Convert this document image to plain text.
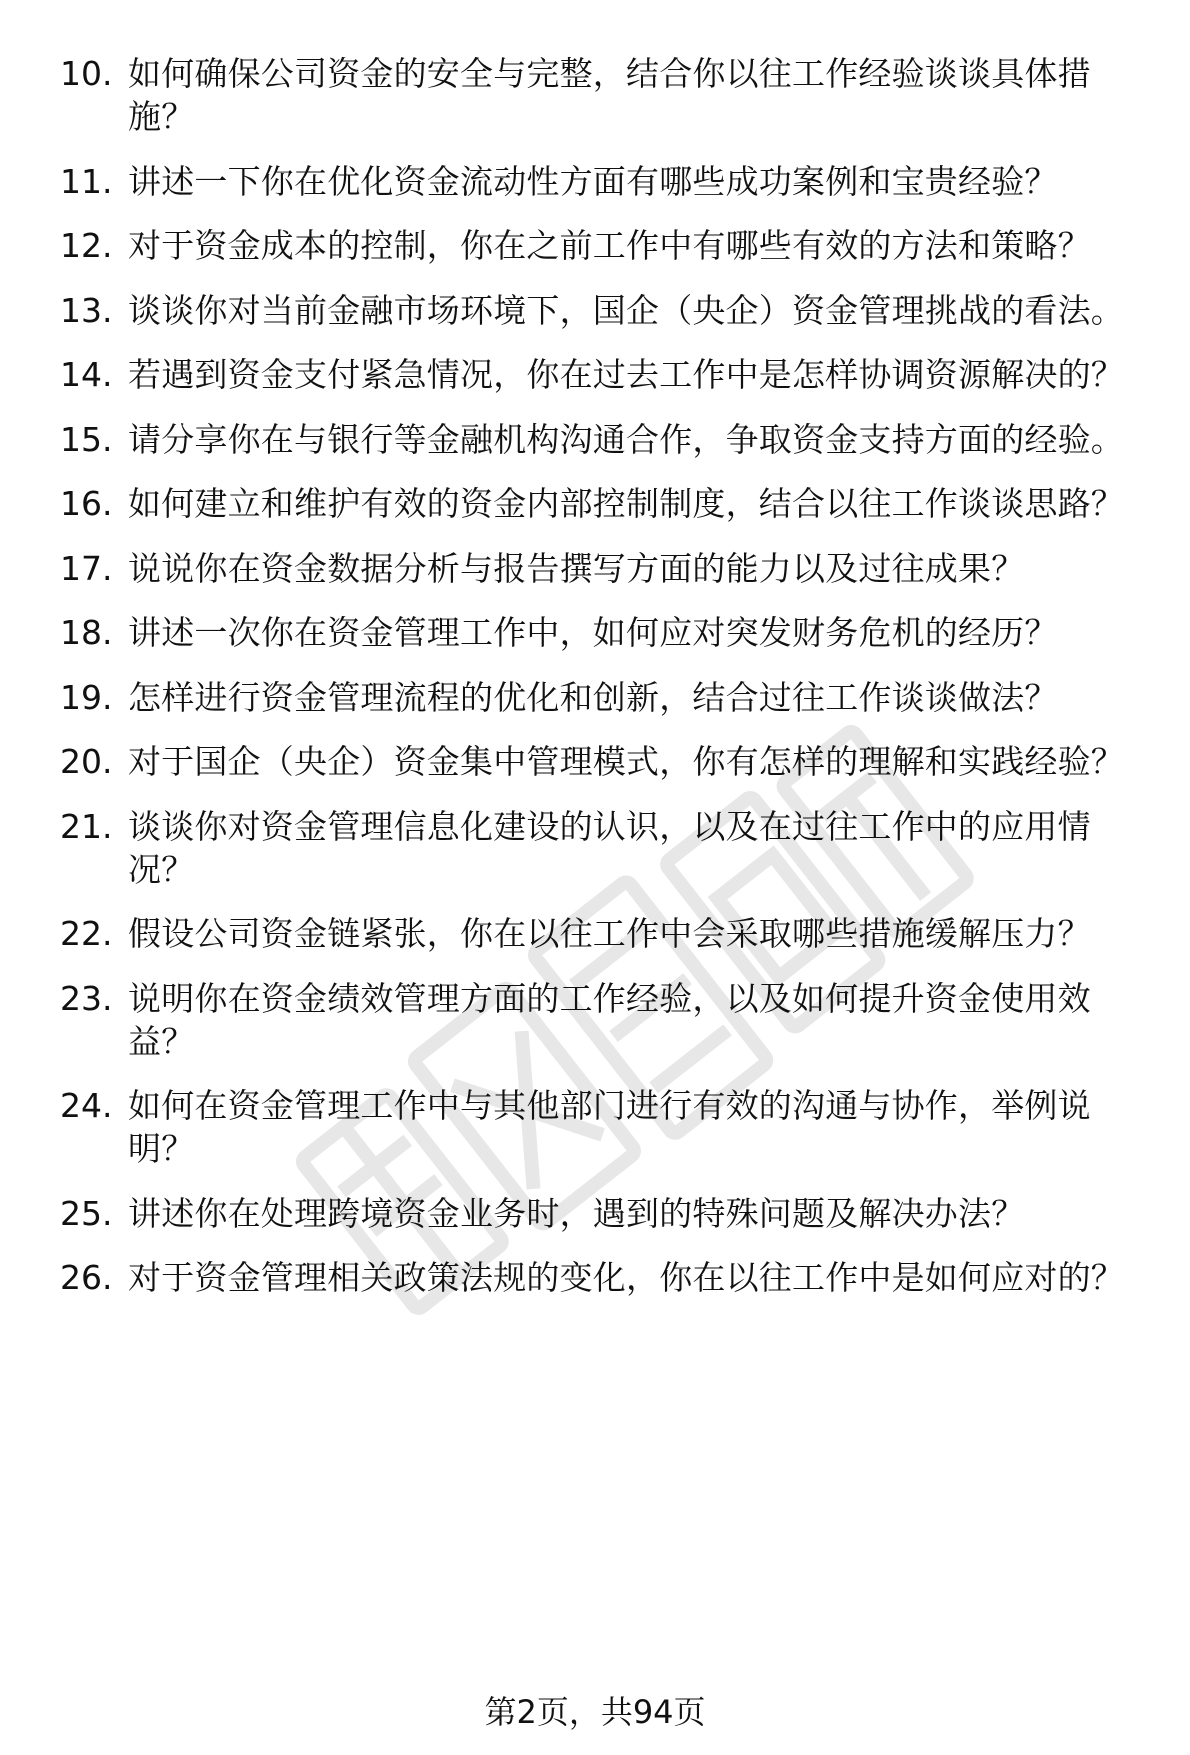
10. 如何确保公司资金的安全与完整，结合你以往工作经验谈谈具体措施？
11. 讲述一下你在优化资金流动性方面有哪些成功案例和宝贵经验？
12. 对于资金成本的控制，你在之前工作中有哪些有效的方法和策略？
13. 谈谈你对当前金融市场环境下，国企（央企）资金管理挑战的看法。
14. 若遇到资金支付紧急情况，你在过去工作中是怎样协调资源解决的？
15. 请分享你在与银行等金融机构沟通合作，争取资金支持方面的经验。
16. 如何建立和维护有效的资金内部控制制度，结合以往工作谈谈思路？
17. 说说你在资金数据分析与报告撰写方面的能力以及过往成果？
18. 讲述一次你在资金管理工作中，如何应对突发财务危机的经历？
19. 怎样进行资金管理流程的优化和创新，结合过往工作谈谈做法？
20. 对于国企（央企）资金集中管理模式，你有怎样的理解和实践经验？
21. 谈谈你对资金管理信息化建设的认识，以及在过往工作中的应用情况？
22. 假设公司资金链紧张，你在以往工作中会采取哪些措施缓解压力？
23. 说明你在资金绩效管理方面的工作经验，以及如何提升资金使用效益？
24. 如何在资金管理工作中与其他部门进行有效的沟通与协作，举例说明？
25. 讲述你在处理跨境资金业务时，遇到的特殊问题及解决办法？
26. 对于资金管理相关政策法规的变化，你在以往工作中是如何应对的？
第2页，共94页
